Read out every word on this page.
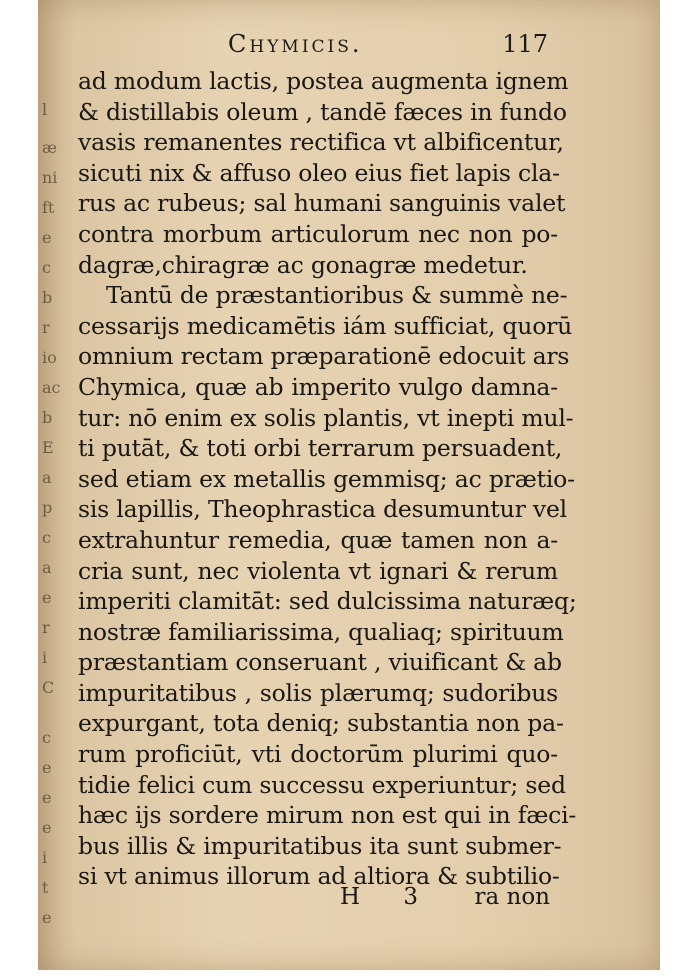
l
æ
ni
ft
e
c
b
r
io
ac
b
E
a
p
c
a
e
r
i
C
c
e
e
e
i
t
e
Chymicis.	117
ad modum lactis, postea augmenta ignem
& distillabis oleum , tandē fæces in fundo
vasis remanentes rectifica vt albificentur,
sicuti nix & affuso oleo eius fiet lapis cla-
rus ac rubeus; sal humani sanguinis valet
contra morbum articulorum nec non po-
dagræ,chiragræ ac gonagræ medetur.
Tantū de præstantioribus & summè ne-
cessarijs medicamētis iám sufficiat, quorū
omnium rectam præparationē edocuit ars
Chymica, quæ ab imperito vulgo damna-
tur: nō enim ex solis plantis, vt inepti mul-
ti putāt, & toti orbi terrarum persuadent,
sed etiam ex metallis gemmisq; ac prætio-
sis lapillis, Theophrastica desumuntur vel
extrahuntur remedia, quæ tamen non a-
cria sunt, nec violenta vt ignari & rerum
imperiti clamitāt: sed dulcissima naturæq;
nostræ familiarissima, qualiaq; spirituum
præstantiam conseruant , viuificant & ab
impuritatibus , solis plærumq; sudoribus
expurgant, tota deniq; substantia non pa-
rum proficiūt, vti doctorūm plurimi quo-
tidie felici cum successu experiuntur; sed
hæc ijs sordere mirum non est qui in fæci-
bus illis & impuritatibus ita sunt submer-
si vt animus illorum ad altiora & subtilio-
H 3 ra non
